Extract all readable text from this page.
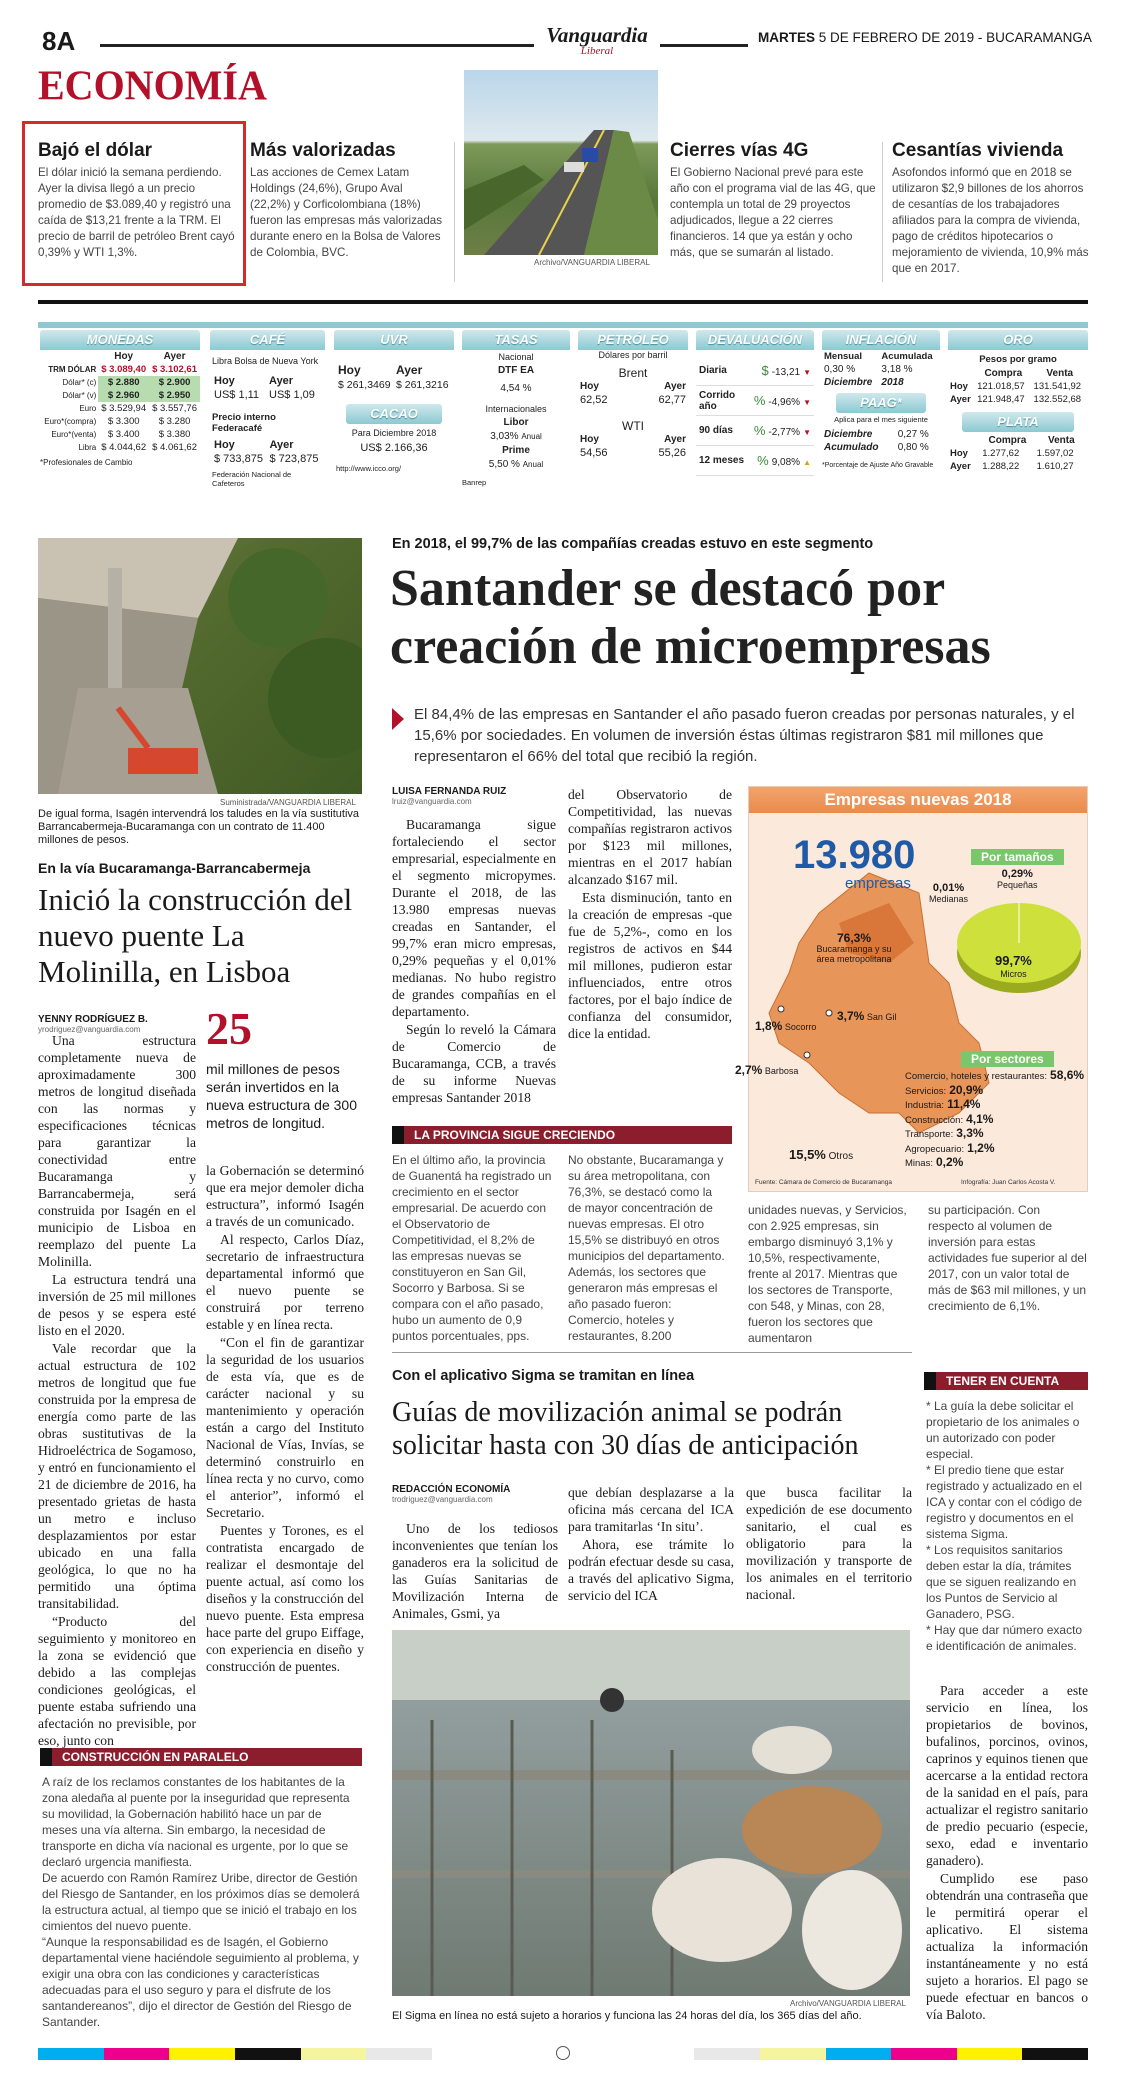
8A	Vanguardia
Liberal
MARTES 5 DE FEBRERO DE 2019 - BUCARAMANGA
ECONOMÍA
Bajó el dólar
El dólar inició la semana perdiendo. Ayer la divisa llegó a un precio promedio de $3.089,40 y registró una caída de $13,21 frente a la TRM. El precio de barril de petróleo Brent cayó 0,39% y WTI 1,3%.
Más valorizadas
Las acciones de Cemex Latam Holdings (24,6%), Grupo Aval (22,2%) y Corficolombiana (18%) fueron las empresas más valorizadas durante enero en la Bolsa de Valores de Colombia, BVC.
Archivo/VANGUARDIA LIBERAL
Cierres vías 4G
El Gobierno Nacional prevé para este año con el programa vial de las 4G, que contempla un total de 29 proyectos adjudicados, llegue a 22 cierres financieros. 14 que ya están y ocho más, que se sumarán al listado.
Cesantías vivienda
Asofondos informó que en 2018 se utilizaron $2,9 billones de los ahorros de cesantías de los trabajadores afiliados para la compra de vivienda, pago de créditos hipotecarios o mejoramiento de vivienda, 10,9% más que en 2017.
MONEDAS
	Hoy	Ayer
TRM DÓLAR	$ 3.089,40	$ 3.102,61
Dólar* (c)	$ 2.880	$ 2.900
Dólar* (v)	$ 2.960	$ 2.950
Euro	$ 3.529,94	$ 3.557,76
Euro*(compra)	$ 3.300	$ 3.280
Euro*(venta)	$ 3.400	$ 3.380
Libra	$ 4.044,62	$ 4.061,62
*Profesionales de Cambio
CAFÉ
Libra Bolsa de Nueva York
Hoy	Ayer
US$ 1,11	US$ 1,09
Precio interno Federacafé
Hoy	Ayer
$ 733,875	$ 723,875
Federación Nacional de Cafeteros
UVR
Hoy	Ayer
$ 261,3469	$ 261,3216
CACAO
Para Diciembre 2018
US$ 2.166,36
http://www.icco.org/
TASAS
Nacional
DTF EA
4,54 %
Internacionales
Libor
3,03% Anual
Prime
5,50 % Anual
Banrep
PETRÓLEO
Dólares por barril
Brent
Hoy	Ayer
62,52	62,77
WTI
Hoy	Ayer
54,56	55,26
DEVALUACIÓN
Diaria	$ -13,21 ▼
Corrido año	% -4,96% ▼
90 días % -2,77% ▼
12 meses % 9,08% ▲
INFLACIÓN
Mensual	Acumulada
0,30 %	3,18 %
Diciembre	2018
PAAG*
Aplica para el mes siguiente
Diciembre	0,27 %
Acumulado	0,80 %
*Porcentaje de Ajuste Año Gravable
ORO
Pesos por gramo
	Compra	Venta
Hoy	121.018,57	131.541,92
Ayer	121.948,47	132.552,68
PLATA
	Compra	Venta
Hoy	1.277,62	1.597,02
Ayer	1.288,22	1.610,27
Suministrada/VANGUARDIA LIBERAL
De igual forma, Isagén intervendrá los taludes en la vía sustitutiva Barrancabermeja-Bucaramanga con un contrato de 11.400 millones de pesos.
En la vía Bucaramanga-Barrancabermeja
Inició la construcción del nuevo puente La Molinilla, en Lisboa
YENNY RODRÍGUEZ B.
yrodriguez@vanguardia.com 25
mil millones de pesos serán invertidos en la nueva estructura de 300 metros de longitud.

Una estructura completamente nueva de aproximadamente 300 metros de longitud diseñada con las normas y especificaciones técnicas para garantizar la conectividad entre Bucaramanga y Barrancabermeja, será construida por Isagén en el municipio de Lisboa en reemplazo del puente La Molinilla.

La estructura tendrá una inversión de 25 mil millones de pesos y se espera esté listo en el 2020.

Vale recordar que la actual estructura de 102 metros de longitud que fue construida por la empresa de energía como parte de las obras sustitutivas de la Hidroeléctrica de Sogamoso, y entró en funcionamiento el 21 de diciembre de 2016, ha presentado grietas de hasta un metro e incluso desplazamientos por estar ubicado en una falla geológica, lo que no ha permitido una óptima transitabilidad.

“Producto del seguimiento y monitoreo en la zona se evidenció que debido a las complejas condiciones geológicas, el puente estaba sufriendo una afectación no previsible, por eso, junto con

la Gobernación se determinó que era mejor demoler dicha estructura”, informó Isagén a través de un comunicado.

Al respecto, Carlos Díaz, secretario de infraestructura departamental informó que el nuevo puente se construirá por terreno estable y en línea recta.

“Con el fin de garantizar la seguridad de los usuarios de esta vía, que es de carácter nacional y su mantenimiento y operación están a cargo del Instituto Nacional de Vías, Invías, se determinó construirlo en línea recta y no curvo, como el anterior”, informó el Secretario.

Puentes y Torones, es el contratista encargado de realizar el desmontaje del puente actual, así como los diseños y la construcción del nuevo puente. Esta empresa hace parte del grupo Eiffage, con experiencia en diseño y construcción de puentes.

CONSTRUCCIÓN EN PARALELO

A raíz de los reclamos constantes de los habitantes de la zona aledaña al puente por la inseguridad que representa su movilidad, la Gobernación habilitó hace un par de meses una vía alterna. Sin embargo, la necesidad de transporte en dicha vía nacional es urgente, por lo que se declaró urgencia manifiesta.

De acuerdo con Ramón Ramírez Uribe, director de Gestión del Riesgo de Santander, en los próximos días se demolerá la estructura actual, al tiempo que se inició el trabajo en los cimientos del nuevo puente.

“Aunque la responsabilidad es de Isagén, el Gobierno departamental viene haciéndole seguimiento al problema, y exigir una obra con las condiciones y características adecuadas para el uso seguro y para el disfrute de los santandereanos”, dijo el director de Gestión del Riesgo de Santander.

En 2018, el 99,7% de las compañías creadas estuvo en este segmento
Santander se destacó por creación de microempresas
El 84,4% de las empresas en Santander el año pasado fueron creadas por personas naturales, y el 15,6% por sociedades. En volumen de inversión éstas últimas registraron $81 mil millones que representaron el 66% del total que recibió la región.
LUISA FERNANDA RUIZ
lruiz@vanguardia.com

Bucaramanga sigue fortaleciendo el sector empresarial, especialmente en el segmento micropymes. Durante el 2018, de las 13.980 empresas nuevas creadas en Santander, el 99,7% eran micro empresas, 0,29% pequeñas y el 0,01% medianas. No hubo registro de grandes compañías en el departamento.

Según lo reveló la Cámara de Comercio de Bucaramanga, CCB, a través de su informe Nuevas empresas Santander 2018

del Observatorio de Competitividad, las nuevas compañías registraron activos por $123 mil millones, mientras en el 2017 habían alcanzado $167 mil.

Esta disminución, tanto en la creación de empresas -que fue de 5,2%-, como en los registros de activos en $44 mil millones, pudieron estar influenciados, entre otros factores, por el bajo índice de confianza del consumidor, dice la entidad.

LA PROVINCIA SIGUE CRECIENDO

En el último año, la provincia de Guanentá ha registrado un crecimiento en el sector empresarial. De acuerdo con el Observatorio de Competitividad, el 8,2% de las empresas nuevas se constituyeron en San Gil, Socorro y Barbosa. Si se compara con el año pasado, hubo un aumento de 0,9 puntos porcentuales, pps.

No obstante, Bucaramanga y su área metropolitana, con 76,3%, se destacó como la de mayor concentración de nuevas empresas. El otro 15,5% se distribuyó en otros municipios del departamento. Además, los sectores que generaron más empresas el año pasado fueron: Comercio, hoteles y restaurantes, 8.200

unidades nuevas, y Servicios, con 2.925 empresas, sin embargo disminuyó 3,1% y 10,5%, respectivamente, frente al 2017. Mientras que los sectores de Transporte, con 548, y Minas, con 28, fueron los sectores que aumentaron

su participación. Con respecto al volumen de inversión para estas actividades fue superior al del 2017, con un valor total de más de $63 mil millones, y un crecimiento de 6,1%.

Empresas nuevas 2018
13.980
empresas
76,3%
Bucaramanga y su área metropolitana
3,7% San Gil
1,8% Socorro
2,7% Barbosa
15,5% Otros
Por tamaños
0,01%
Medianas
0,29%
Pequeñas
99,7%
Micros
Por sectores
Comercio, hoteles y restaurantes: 58,6%
Servicios: 20,9%
Industria: 11,4%
Construcción: 4,1%
Transporte: 3,3%
Agropecuario: 1,2%
Minas: 0,2%
Fuente: Cámara de Comercio de Bucaramanga	Infografía: Juan Carlos Acosta V.
Con el aplicativo Sigma se tramitan en línea
Guías de movilización animal se podrán solicitar hasta con 30 días de anticipación
REDACCIÓN ECONOMÍA
trodriguez@vanguardia.com

Uno de los tediosos inconvenientes que tenían los ganaderos era la solicitud de las Guías Sanitarias de Movilización Interna de Animales, Gsmi, ya

que debían desplazarse a la oficina más cercana del ICA para tramitarlas ‘In situ’.

Ahora, ese trámite lo podrán efectuar desde su casa, a través del aplicativo Sigma, servicio del ICA

que busca facilitar la expedición de ese documento sanitario, el cual es obligatorio para la movilización y transporte de los animales en el territorio nacional.

Archivo/VANGUARDIA LIBERAL
El Sigma en línea no está sujeto a horarios y funciona las 24 horas del día, los 365 días del año.
TENER EN CUENTA

* La guía la debe solicitar el propietario de los animales o un autorizado con poder especial.

* El predio tiene que estar registrado y actualizado en el ICA y contar con el código de registro y documentos en el sistema Sigma.

* Los requisitos sanitarios deben estar la día, trámites que se siguen realizando en los Puntos de Servicio al Ganadero, PSG.

* Hay que dar número exacto e identificación de animales.

Para acceder a este servicio en línea, los propietarios de bovinos, bufalinos, porcinos, ovinos, caprinos y equinos tienen que acercarse a la entidad rectora de la sanidad en el país, para actualizar el registro sanitario de predio pecuario (especie, sexo, edad e inventario ganadero).

Cumplido ese paso obtendrán una contraseña que le permitirá operar el aplicativo. El sistema actualiza la información instantáneamente y no está sujeto a horarios. El pago se puede efectuar en bancos o vía Baloto.
